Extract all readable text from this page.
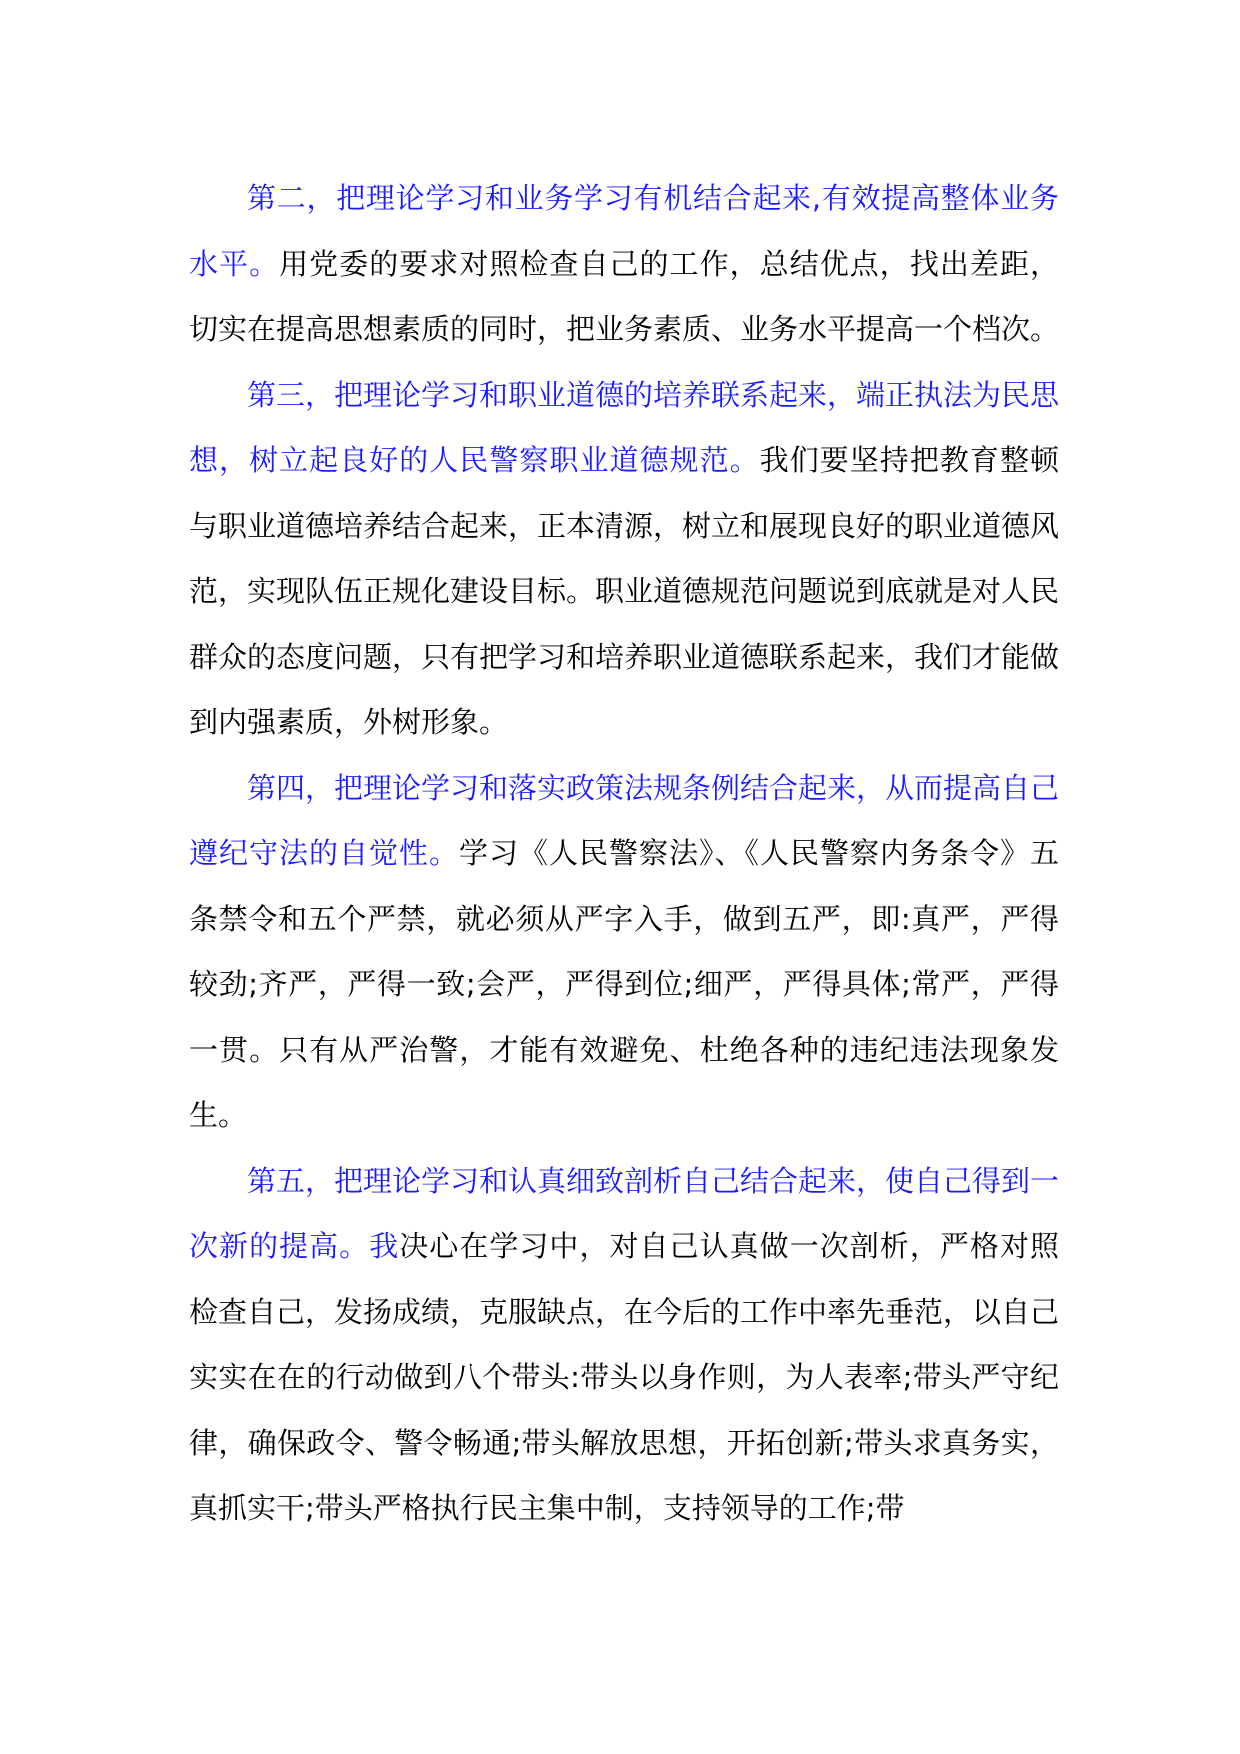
第二，把理论学习和业务学习有机结合起来,有效提高整体业务水平。用党委的要求对照检查自己的工作，总结优点，找出差距，切实在提高思想素质的同时，把业务素质、业务水平提高一个档次。

第三，把理论学习和职业道德的培养联系起来，端正执法为民思想，树立起良好的人民警察职业道德规范。我们要坚持把教育整顿与职业道德培养结合起来，正本清源，树立和展现良好的职业道德风范，实现队伍正规化建设目标。职业道德规范问题说到底就是对人民群众的态度问题，只有把学习和培养职业道德联系起来，我们才能做到内强素质，外树形象。

第四，把理论学习和落实政策法规条例结合起来，从而提高自己遵纪守法的自觉性。学习《人民警察法》、《人民警察内务条令》五条禁令和五个严禁，就必须从严字入手，做到五严，即:真严，严得较劲;齐严，严得一致;会严，严得到位;细严，严得具体;常严，严得一贯。只有从严治警，才能有效避免、杜绝各种的违纪违法现象发生。

第五，把理论学习和认真细致剖析自己结合起来，使自己得到一次新的提高。我决心在学习中，对自己认真做一次剖析，严格对照检查自己，发扬成绩，克服缺点，在今后的工作中率先垂范，以自己实实在在的行动做到八个带头:带头以身作则，为人表率;带头严守纪律，确保政令、警令畅通;带头解放思想，开拓创新;带头求真务实，真抓实干;带头严格执行民主集中制，支持领导的工作;带
